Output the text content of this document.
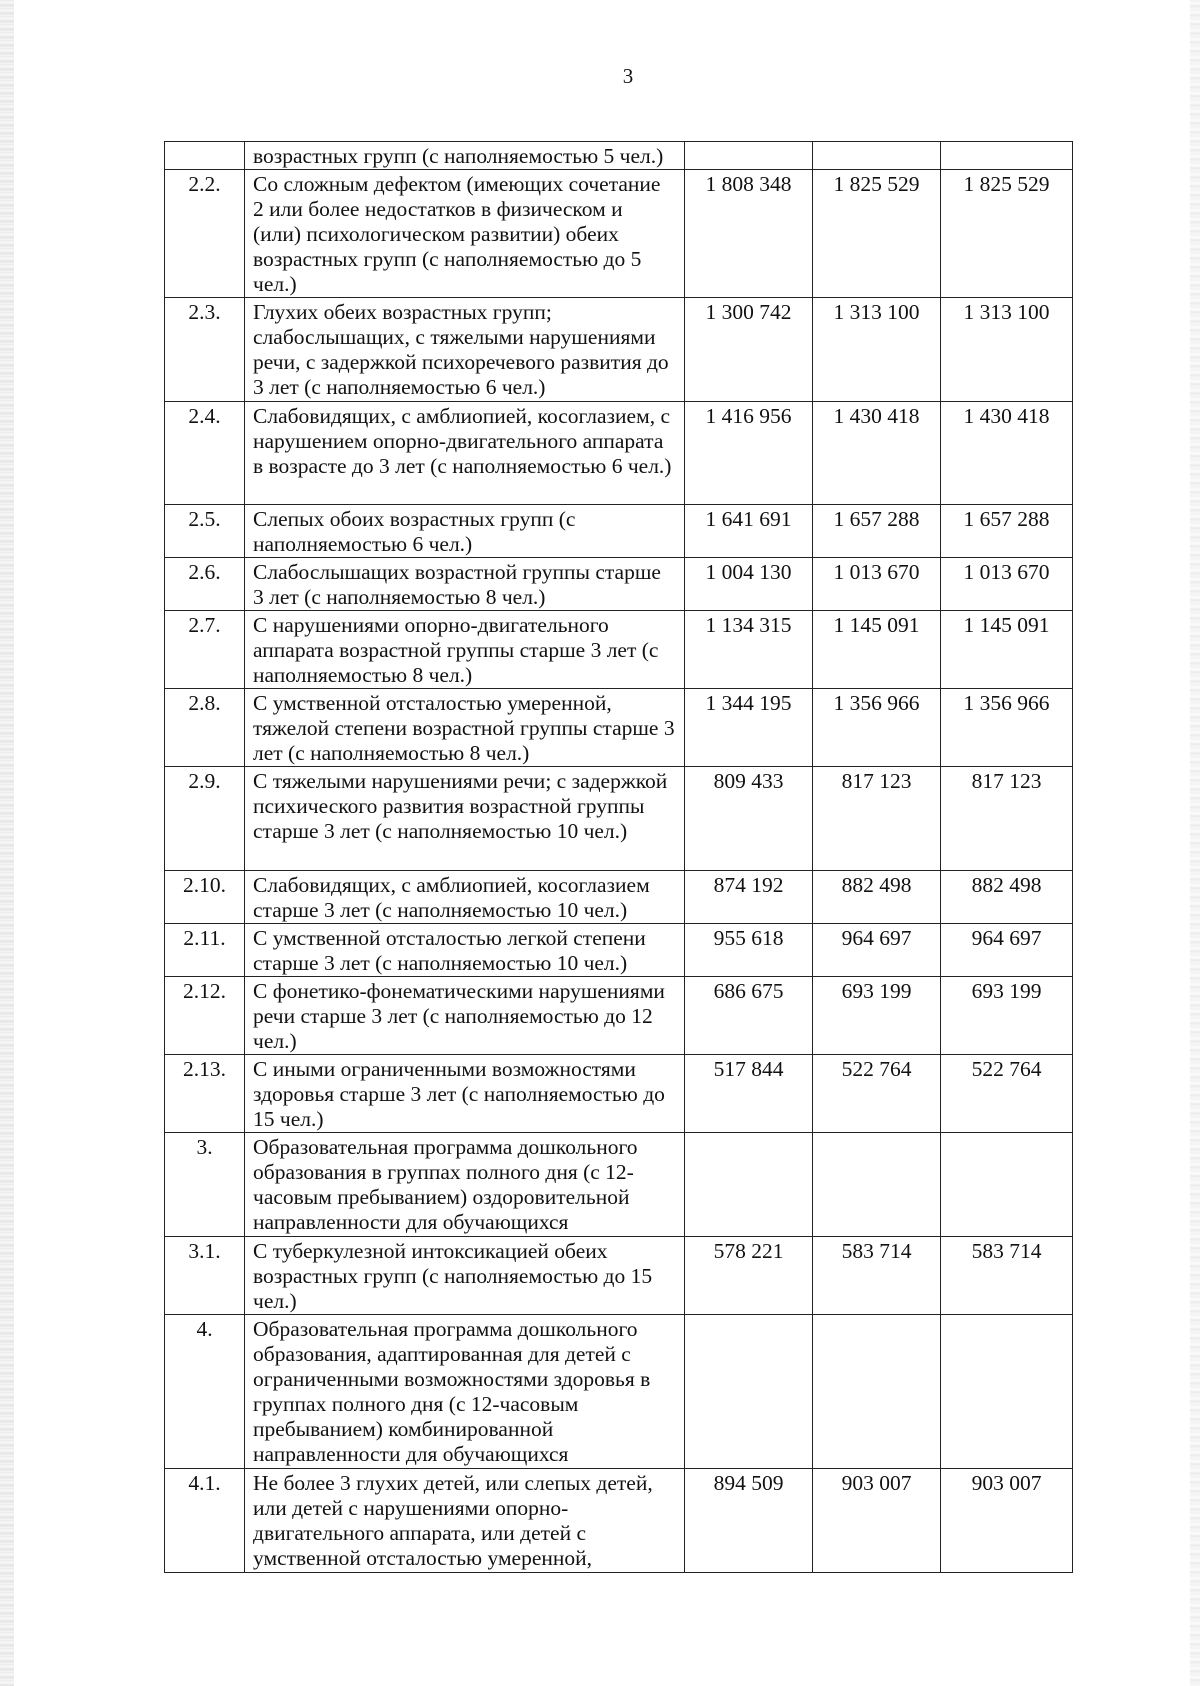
3
	возрастных групп (с наполняемостью 5 чел.)			
2.2.	Со сложным дефектом (имеющих сочетание 2 или более недостатков в физическом и (или) психологическом развитии) обеих возрастных групп (с наполняемостью до 5 чел.)	1 808 348	1 825 529	1 825 529
2.3.	Глухих обеих возрастных групп; слабослышащих, с тяжелыми нарушениями речи, с задержкой психоречевого развития до 3 лет (с наполняемостью 6 чел.)	1 300 742	1 313 100	1 313 100
2.4.	Слабовидящих, с амблиопией, косоглазием, с нарушением опорно-двигательного аппарата в возрасте до 3 лет (с наполняемостью 6 чел.)	1 416 956	1 430 418	1 430 418
2.5.	Слепых обоих возрастных групп (с наполняемостью 6 чел.)	1 641 691	1 657 288	1 657 288
2.6.	Слабослышащих возрастной группы старше 3 лет (с наполняемостью 8 чел.)	1 004 130	1 013 670	1 013 670
2.7.	С нарушениями опорно-двигательного аппарата возрастной группы старше 3 лет (с наполняемостью 8 чел.)	1 134 315	1 145 091	1 145 091
2.8.	С умственной отсталостью умеренной, тяжелой степени возрастной группы старше 3 лет (с наполняемостью 8 чел.)	1 344 195	1 356 966	1 356 966
2.9.	С тяжелыми нарушениями речи; с задержкой психического развития возрастной группы старше 3 лет (с наполняемостью 10 чел.)	809 433	817 123	817 123
2.10.	Слабовидящих, с амблиопией, косоглазием старше 3 лет (с наполняемостью 10 чел.)	874 192	882 498	882 498
2.11.	С умственной отсталостью легкой степени старше 3 лет (с наполняемостью 10 чел.)	955 618	964 697	964 697
2.12.	С фонетико-фонематическими нарушениями речи старше 3 лет (с наполняемостью до 12 чел.)	686 675	693 199	693 199
2.13.	С иными ограниченными возможностями здоровья старше 3 лет (с наполняемостью до 15 чел.)	517 844	522 764	522 764
3.	Образовательная программа дошкольного образования в группах полного дня (с 12-часовым пребыванием) оздоровительной направленности для обучающихся			
3.1.	С туберкулезной интоксикацией обеих возрастных групп (с наполняемостью до 15 чел.)	578 221	583 714	583 714
4.	Образовательная программа дошкольного образования, адаптированная для детей с ограниченными возможностями здоровья в группах полного дня (с 12-часовым пребыванием) комбинированной направленности для обучающихся			
4.1.	Не более 3 глухих детей, или слепых детей, или детей с нарушениями опорно-двигательного аппарата, или детей с умственной отсталостью умеренной,	894 509	903 007	903 007
